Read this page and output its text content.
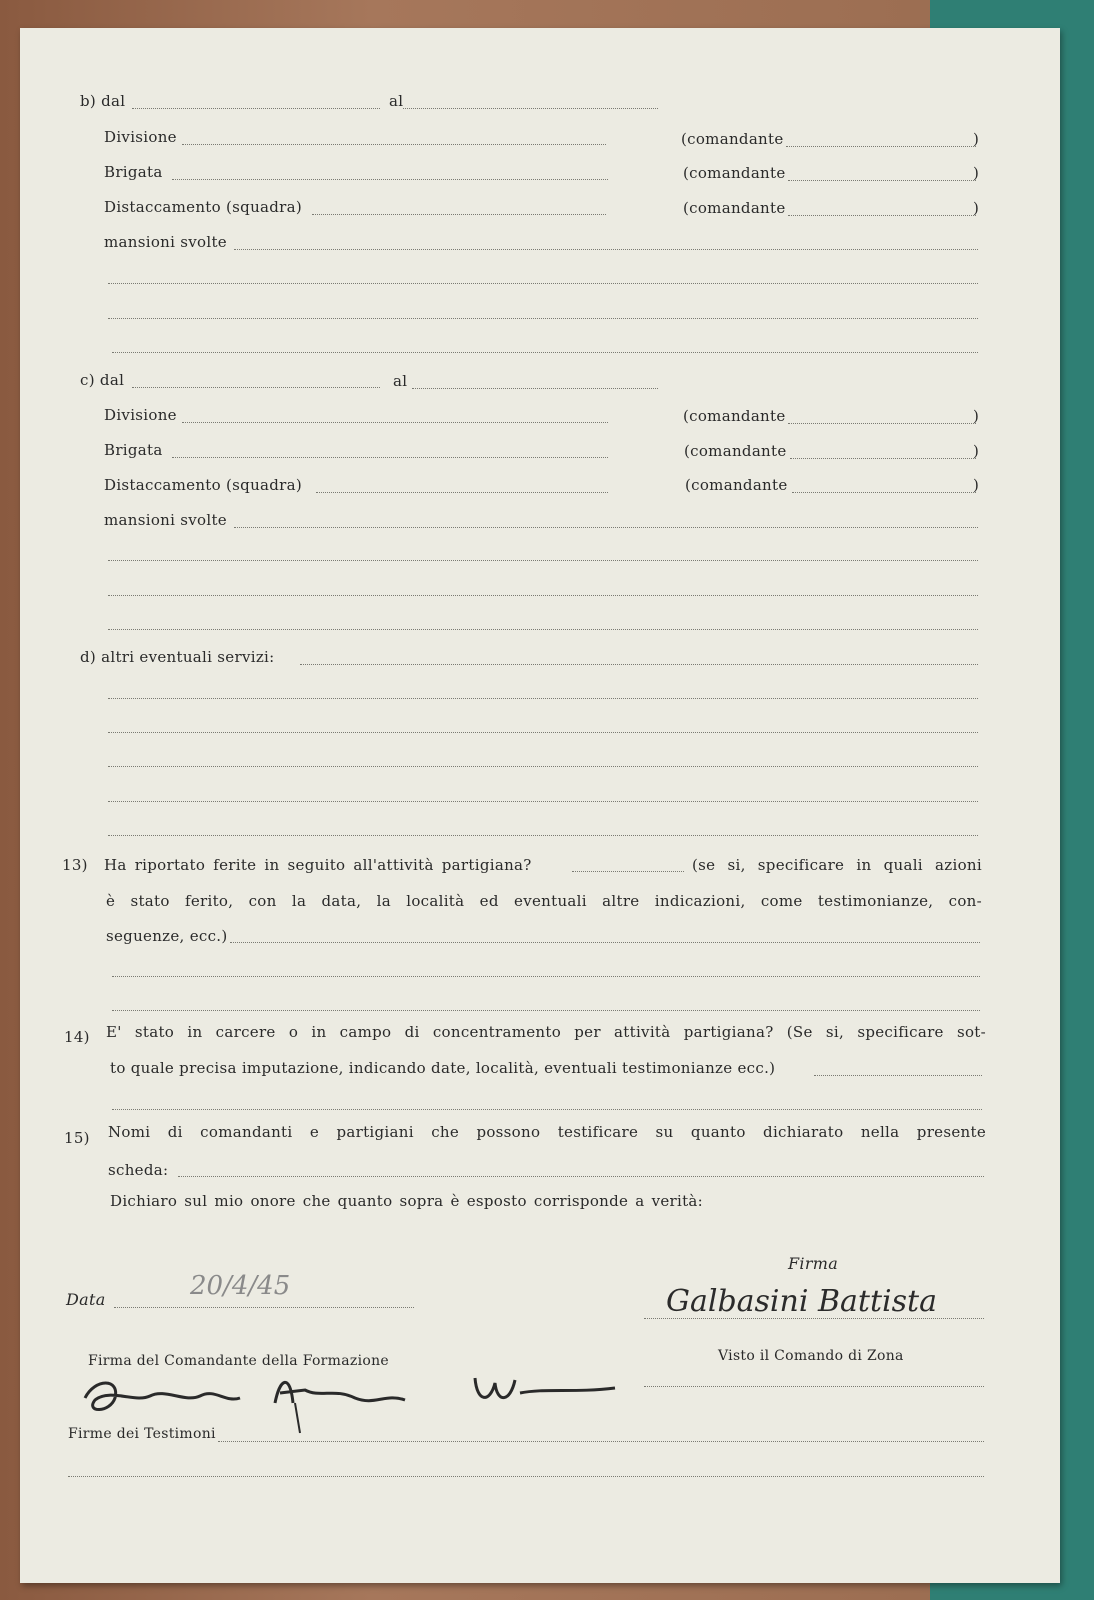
b) dal	al
Divisione	(comandante	)
Brigata	(comandante	)
Distaccamento (squadra)	(comandante	)
mansioni svolte
c) dal	al
Divisione	(comandante	)
Brigata	(comandante	)
Distaccamento (squadra)	(comandante	)
mansioni svolte
d) altri eventuali servizi:
13) Ha riportato ferite in seguito all'attività partigiana?	(se si, specificare in quali azioni
è stato ferito, con la data, la località ed eventuali altre indicazioni, come testimonianze, con-
seguenze, ecc.)
14) E' stato in carcere o in campo di concentramento per attività partigiana? (Se si, specificare sot-
to quale precisa imputazione, indicando date, località, eventuali testimonianze ecc.)
15) Nomi di comandanti e partigiani che possono testificare su quanto dichiarato nella presente
scheda:
Dichiaro sul mio onore che quanto sopra è esposto corrisponde a verità:
Firma
Data	20/4/45	Galbasini Battista
Firma del Comandante della Formazione	Visto il Comando di Zona
Firme dei Testimoni
